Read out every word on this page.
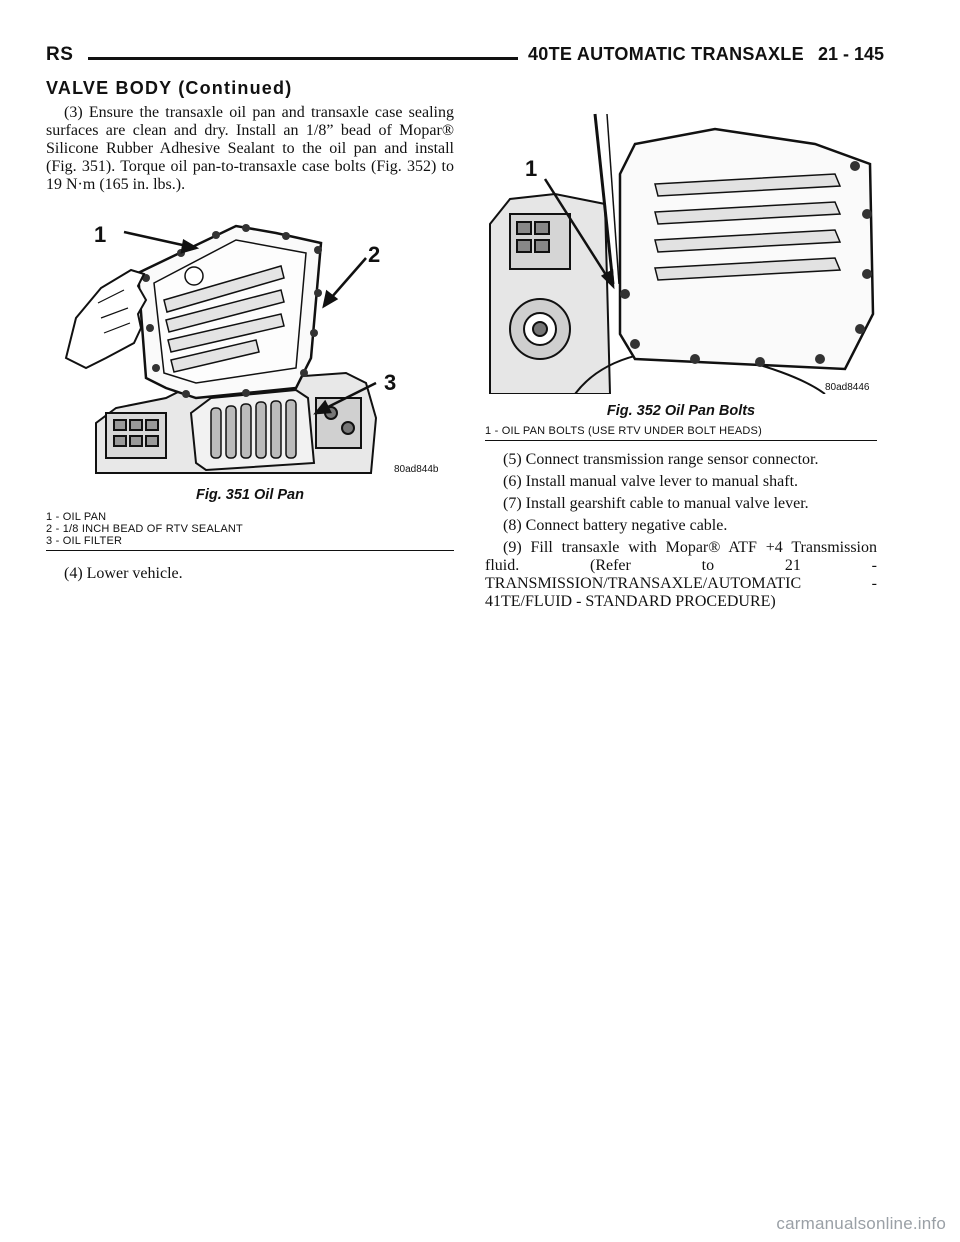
RS	40TE AUTOMATIC TRANSAXLE 21 - 145
VALVE BODY (Continued)

(3) Ensure the transaxle oil pan and transaxle case sealing surfaces are clean and dry. Install an 1/8” bead of Mopar® Silicone Rubber Adhesive Sealant to the oil pan and install (Fig. 351). Torque oil pan-to-transaxle case bolts (Fig. 352) to 19 N·m (165 in. lbs.).

1
2
3
80ad844b
Fig. 351 Oil Pan
1 - OIL PAN
2 - 1/8 INCH BEAD OF RTV SEALANT
3 - OIL FILTER

(4) Lower vehicle.

1
80ad8446
Fig. 352 Oil Pan Bolts
1 - OIL PAN BOLTS (USE RTV UNDER BOLT HEADS)

(5) Connect transmission range sensor connector.

(6) Install manual valve lever to manual shaft.

(7) Install gearshift cable to manual valve lever.

(8) Connect battery negative cable.

(9) Fill transaxle with Mopar® ATF +4 Transmission fluid. (Refer to 21 - TRANSMISSION/TRANSAXLE/AUTOMATIC - 41TE/FLUID - STANDARD PROCEDURE)

carmanualsonline.info
